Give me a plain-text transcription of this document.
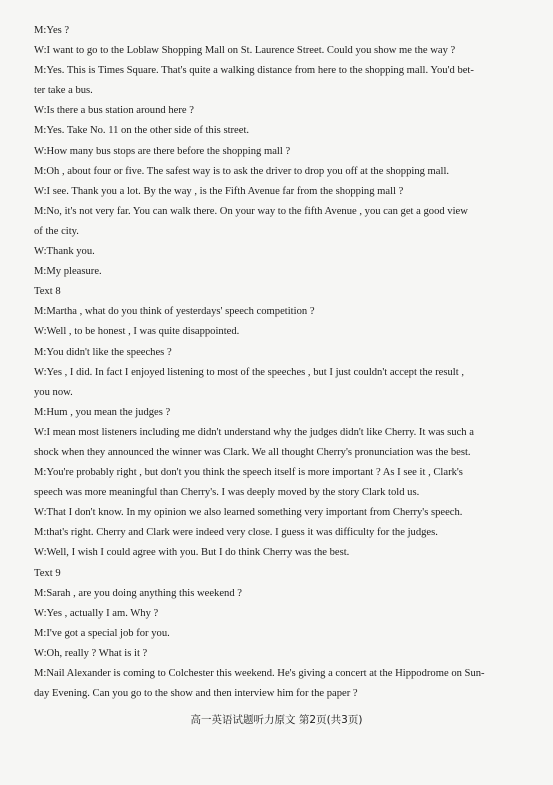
M:Yes ?
W:I want to go to the Loblaw Shopping Mall on St. Laurence Street. Could you show me the way ?
M:Yes. This is Times Square. That's quite a walking distance from here to the shopping mall. You'd bet-
ter take a bus.
W:Is there a bus station around here ?
M:Yes. Take No. 11 on the other side of this street.
W:How many bus stops are there before the shopping mall ?
M:Oh , about four or five. The safest way is to ask the driver to drop you off at the shopping mall.
W:I see. Thank you a lot. By the way , is the Fifth Avenue far from the shopping mall ?
M:No, it's not very far. You can walk there. On your way to the fifth Avenue , you can get a good view
of the city.
W:Thank you.
M:My pleasure.
Text 8
M:Martha , what do you think of yesterdays' speech competition ?
W:Well , to be honest , I was quite disappointed.
M:You didn't like the speeches ?
W:Yes , I did. In fact I enjoyed listening to most of the speeches , but I just couldn't accept the result ,
you now.
M:Hum , you mean the judges ?
W:I mean most listeners including me didn't understand why the judges didn't like Cherry. It was such a
shock when they announced the winner was Clark. We all thought Cherry's pronunciation was the best.
M:You're probably right , but don't you think the speech itself is more important ? As I see it , Clark's
speech was more meaningful than Cherry's. I was deeply moved by the story Clark told us.
W:That I don't know. In my opinion we also learned something very important from Cherry's speech.
M:that's right. Cherry and Clark were indeed very close. I guess it was difficulty for the judges.
W:Well, I wish I could agree with you. But I do think Cherry was the best.
Text 9
M:Sarah , are you doing anything this weekend ?
W:Yes , actually I am. Why ?
M:I've got a special job for you.
W:Oh, really ? What is it ?
M:Nail Alexander is coming to Colchester this weekend. He's giving a concert at the Hippodrome on Sun-
day Evening. Can you go to the show and then interview him for the paper ?
高一英语试题听力原文 第2页(共3页)
